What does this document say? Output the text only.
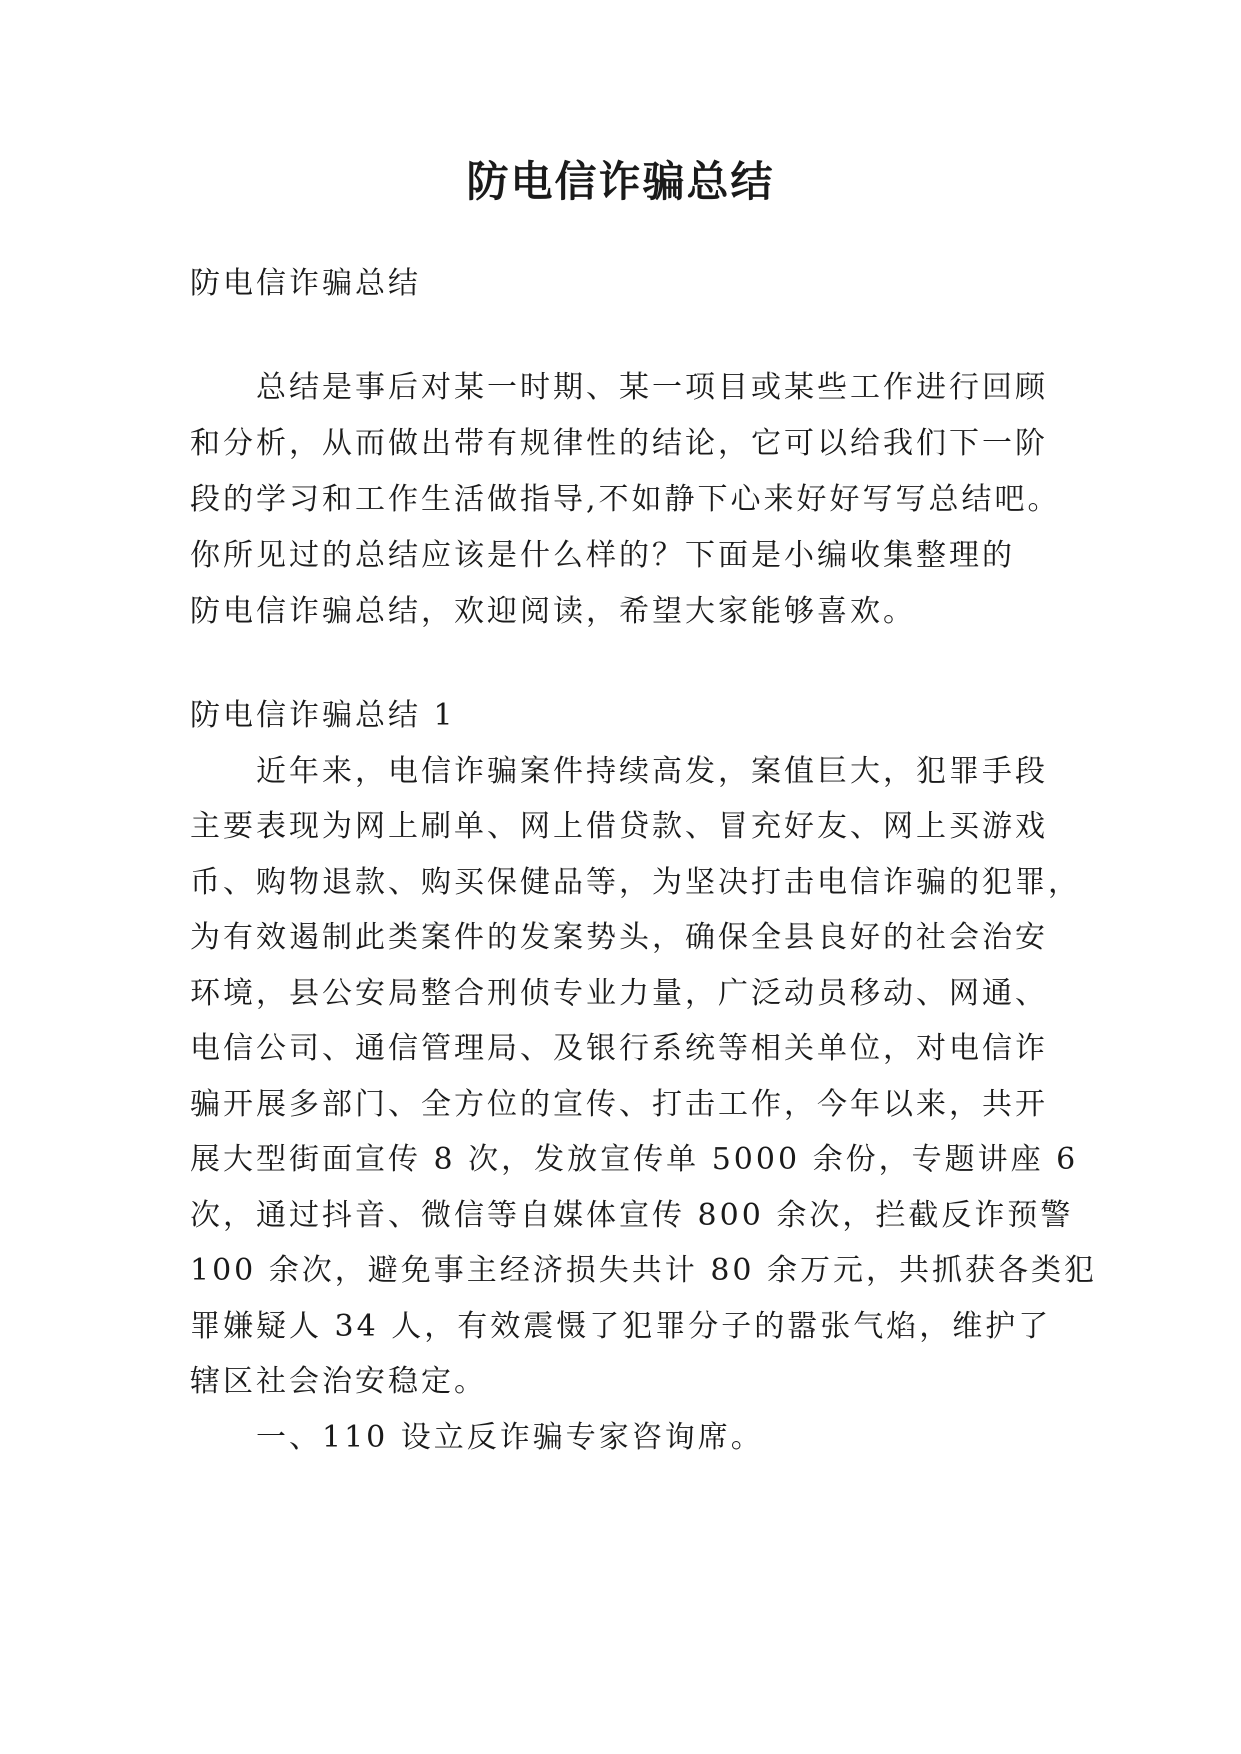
防电信诈骗总结

防电信诈骗总结

总结是事后对某一时期、某一项目或某些工作进行回顾

和分析，从而做出带有规律性的结论，它可以给我们下一阶

段的学习和工作生活做指导,不如静下心来好好写写总结吧。

你所见过的总结应该是什么样的？下面是小编收集整理的

防电信诈骗总结，欢迎阅读，希望大家能够喜欢。

防电信诈骗总结 1

近年来，电信诈骗案件持续高发，案值巨大，犯罪手段

主要表现为网上刷单、网上借贷款、冒充好友、网上买游戏

币、购物退款、购买保健品等，为坚决打击电信诈骗的犯罪，

为有效遏制此类案件的发案势头，确保全县良好的社会治安

环境，县公安局整合刑侦专业力量，广泛动员移动、网通、

电信公司、通信管理局、及银行系统等相关单位，对电信诈

骗开展多部门、全方位的宣传、打击工作，今年以来，共开

展大型街面宣传 8 次，发放宣传单 5000 余份，专题讲座 6

次，通过抖音、微信等自媒体宣传 800 余次，拦截反诈预警

100 余次，避免事主经济损失共计 80 余万元，共抓获各类犯

罪嫌疑人 34 人，有效震慑了犯罪分子的嚣张气焰，维护了

辖区社会治安稳定。

一、110 设立反诈骗专家咨询席。
